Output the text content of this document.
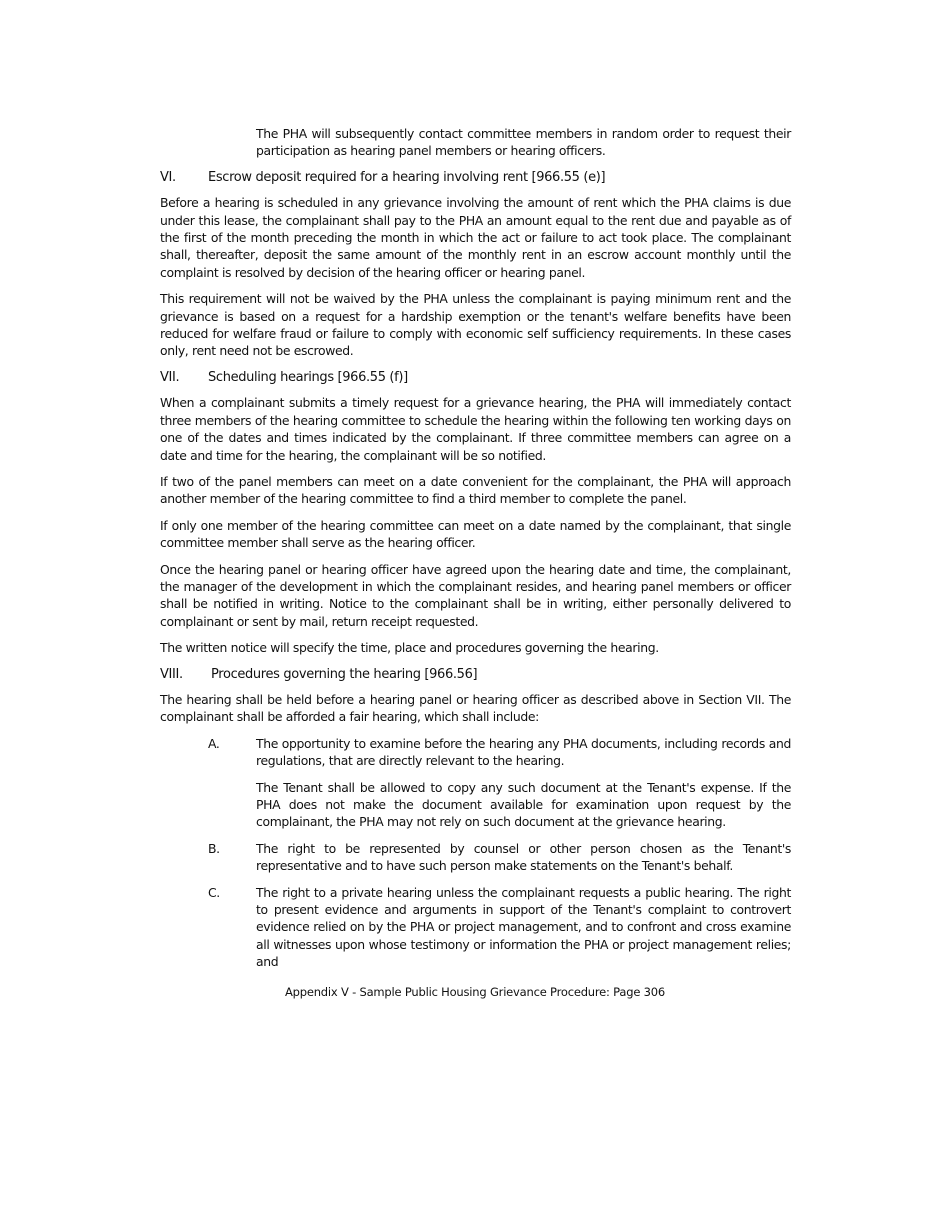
The PHA will subsequently contact committee members in random order to request their participation as hearing panel members or hearing officers.

VI.	Escrow deposit required for a hearing involving rent [966.55 (e)]

Before a hearing is scheduled in any grievance involving the amount of rent which the PHA claims is due under this lease, the complainant shall pay to the PHA an amount equal to the rent due and payable as of the first of the month preceding the month in which the act or failure to act took place. The complainant shall, thereafter, deposit the same amount of the monthly rent in an escrow account monthly until the complaint is resolved by decision of the hearing officer or hearing panel.

This requirement will not be waived by the PHA unless the complainant is paying minimum rent and the grievance is based on a request for a hardship exemption or the tenant's welfare benefits have been reduced for welfare fraud or failure to comply with economic self sufficiency requirements. In these cases only, rent need not be escrowed.

VII.	Scheduling hearings [966.55 (f)]

When a complainant submits a timely request for a grievance hearing, the PHA will immediately contact three members of the hearing committee to schedule the hearing within the following ten working days on one of the dates and times indicated by the complainant. If three committee members can agree on a date and time for the hearing, the complainant will be so notified.

If two of the panel members can meet on a date convenient for the complainant, the PHA will approach another member of the hearing committee to find a third member to complete the panel.

If only one member of the hearing committee can meet on a date named by the complainant, that single committee member shall serve as the hearing officer.

Once the hearing panel or hearing officer have agreed upon the hearing date and time, the complainant, the manager of the development in which the complainant resides, and hearing panel members or officer shall be notified in writing. Notice to the complainant shall be in writing, either personally delivered to complainant or sent by mail, return receipt requested.

The written notice will specify the time, place and procedures governing the hearing.

VIII.	Procedures governing the hearing [966.56]

The hearing shall be held before a hearing panel or hearing officer as described above in Section VII. The complainant shall be afforded a fair hearing, which shall include:

A.	The opportunity to examine before the hearing any PHA documents, including records and regulations, that are directly relevant to the hearing.
The Tenant shall be allowed to copy any such document at the Tenant's expense. If the PHA does not make the document available for examination upon request by the complainant, the PHA may not rely on such document at the grievance hearing.
B.	The right to be represented by counsel or other person chosen as the Tenant's representative and to have such person make statements on the Tenant's behalf.
C.	The right to a private hearing unless the complainant requests a public hearing. The right to present evidence and arguments in support of the Tenant's complaint to controvert evidence relied on by the PHA or project management, and to confront and cross examine all witnesses upon whose testimony or information the PHA or project management relies; and
Appendix V - Sample Public Housing Grievance Procedure: Page 306
